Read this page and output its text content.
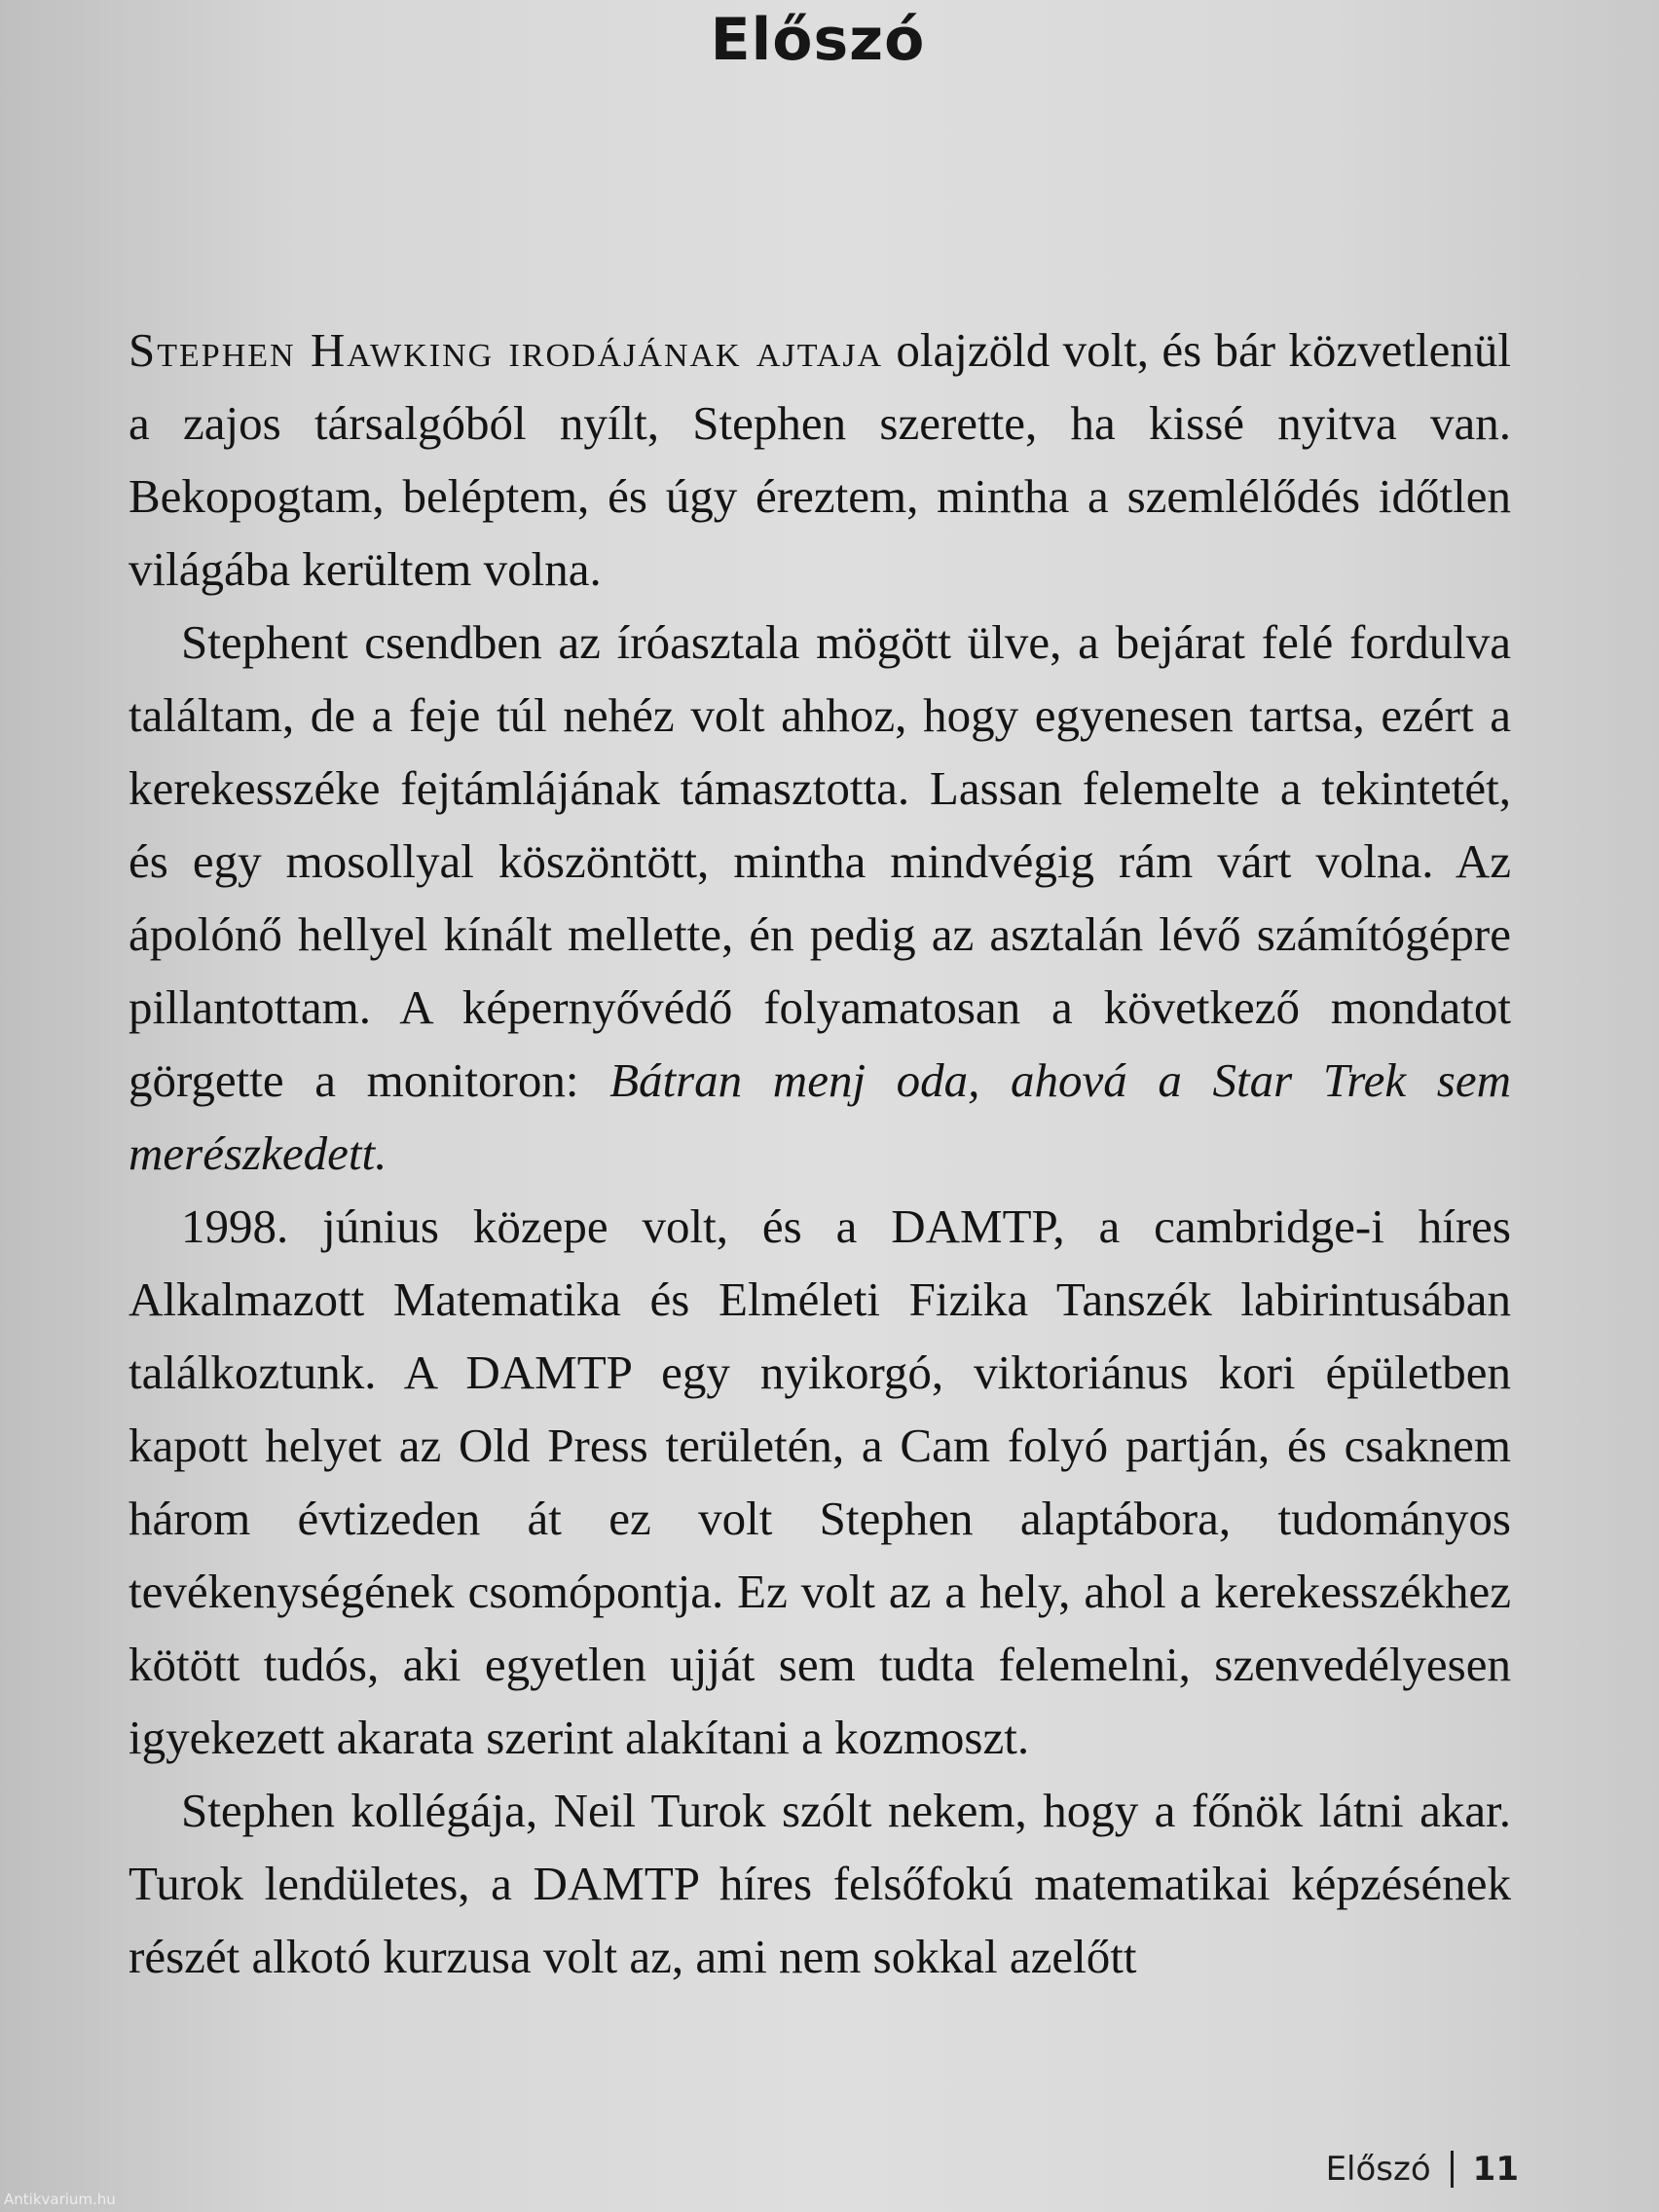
Előszó

Stephen Hawking irodájának ajtaja olajzöld volt, és bár közvetlenül a zajos társalgóból nyílt, Stephen szerette, ha kissé nyitva van. Bekopogtam, beléptem, és úgy éreztem, mintha a szemlélődés időtlen világába kerültem volna.

Stephent csendben az íróasztala mögött ülve, a bejárat felé fordulva találtam, de a feje túl nehéz volt ahhoz, hogy egyenesen tartsa, ezért a kerekesszéke fejtámlájának támasztotta. Lassan felemelte a tekintetét, és egy mosollyal köszöntött, mintha mindvégig rám várt volna. Az ápolónő hellyel kínált mellette, én pedig az asztalán lévő számítógépre pillantottam. A képernyővédő folyamatosan a következő mondatot görgette a monitoron: Bátran menj oda, ahová a Star Trek sem merészkedett.

1998. június közepe volt, és a DAMTP, a cambridge-i híres Alkalmazott Matematika és Elméleti Fizika Tanszék labirintusában találkoztunk. A DAMTP egy nyikorgó, viktoriánus kori épületben kapott helyet az Old Press területén, a Cam folyó partján, és csaknem három évtizeden át ez volt Stephen alaptábora, tudományos tevékenységének csomópontja. Ez volt az a hely, ahol a kerekesszékhez kötött tudós, aki egyetlen ujját sem tudta felemelni, szenvedélyesen igyekezett akarata szerint alakítani a kozmoszt.

Stephen kollégája, Neil Turok szólt nekem, hogy a főnök látni akar. Turok lendületes, a DAMTP híres felsőfokú matematikai képzésének részét alkotó kurzusa volt az, ami nem sokkal azelőtt

Előszó 11
Antikvarium.hu
